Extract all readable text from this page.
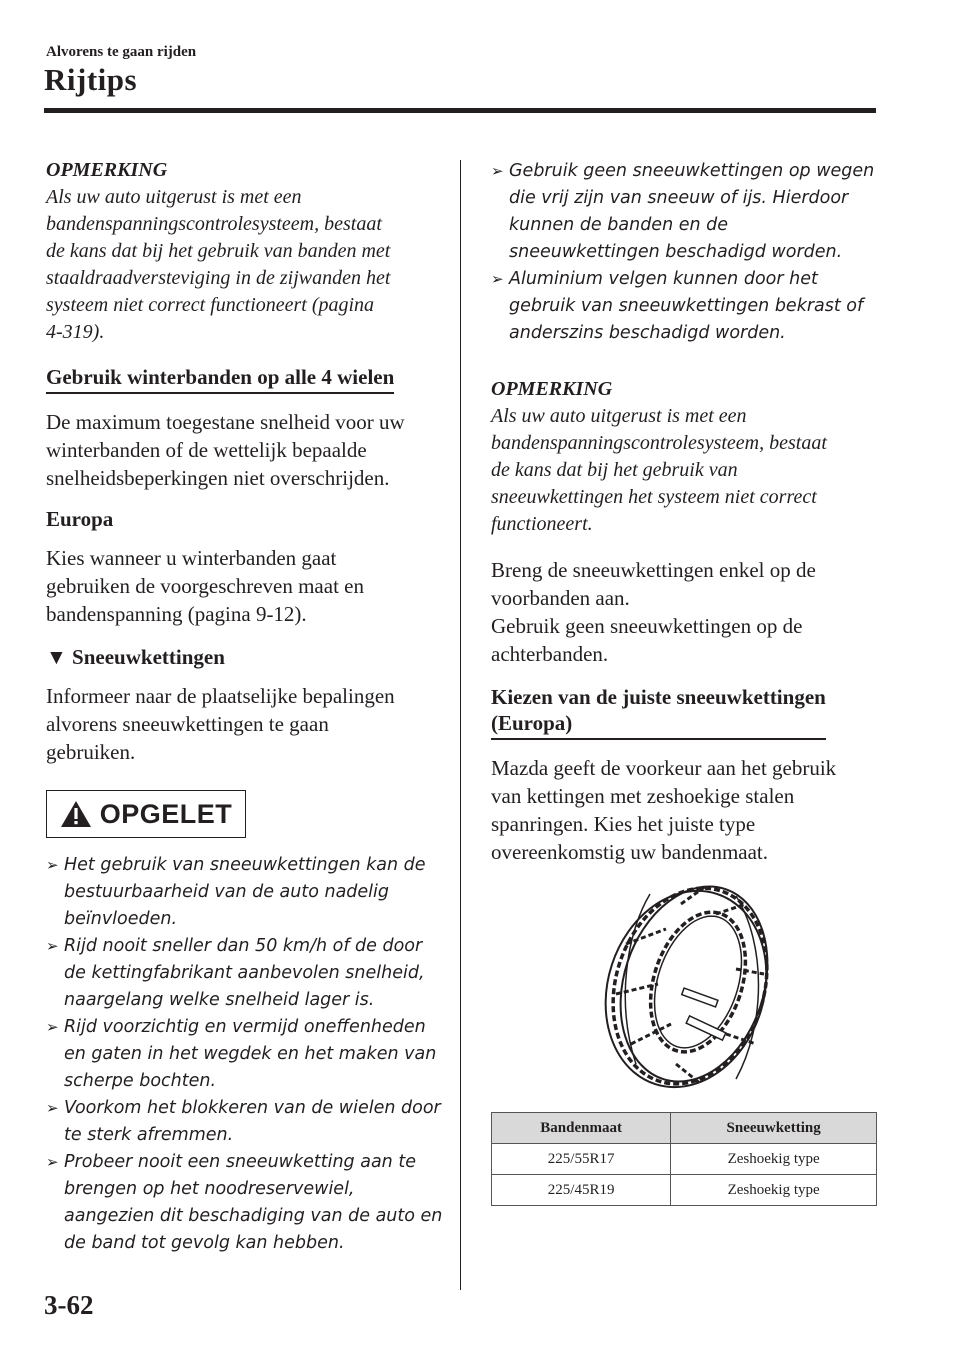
Alvorens te gaan rijden
Rijtips

OPMERKING

Als uw auto uitgerust is met een
bandenspanningscontrolesysteem, bestaat
de kans dat bij het gebruik van banden met
staaldraadversteviging in de zijwanden het
systeem niet correct functioneert (pagina
4-319).

Gebruik winterbanden op alle 4 wielen

De maximum toegestane snelheid voor uw
winterbanden of de wettelijk bepaalde
snelheidsbeperkingen niet overschrijden.

Europa

Kies wanneer u winterbanden gaat
gebruiken de voorgeschreven maat en
bandenspanning (pagina 9-12).

▼ Sneeuwkettingen

Informeer naar de plaatselijke bepalingen
alvorens sneeuwkettingen te gaan
gebruiken.

OPGELET
➢ Het gebruik van sneeuwkettingen kan de bestuurbaarheid van de auto nadelig beïnvloeden.
➢ Rijd nooit sneller dan 50 km/h of de door de kettingfabrikant aanbevolen snelheid, naargelang welke snelheid lager is.
➢ Rijd voorzichtig en vermijd oneffenheden en gaten in het wegdek en het maken van scherpe bochten.
➢ Voorkom het blokkeren van de wielen door te sterk afremmen.
➢ Probeer nooit een sneeuwketting aan te brengen op het noodreservewiel, aangezien dit beschadiging van de auto en de band tot gevolg kan hebben.
➢ Gebruik geen sneeuwkettingen op wegen die vrij zijn van sneeuw of ijs. Hierdoor kunnen de banden en de sneeuwkettingen beschadigd worden.
➢ Aluminium velgen kunnen door het gebruik van sneeuwkettingen bekrast of anderszins beschadigd worden.

OPMERKING

Als uw auto uitgerust is met een
bandenspanningscontrolesysteem, bestaat
de kans dat bij het gebruik van
sneeuwkettingen het systeem niet correct
functioneert.

Breng de sneeuwkettingen enkel op de
voorbanden aan.
Gebruik geen sneeuwkettingen op de
achterbanden.

Kiezen van de juiste sneeuwkettingen
(Europa)

Mazda geeft de voorkeur aan het gebruik
van kettingen met zeshoekige stalen
spanringen. Kies het juiste type
overeenkomstig uw bandenmaat.

Bandenmaat	Sneeuwketting
225/55R17	Zeshoekig type
225/45R19	Zeshoekig type
3-62
